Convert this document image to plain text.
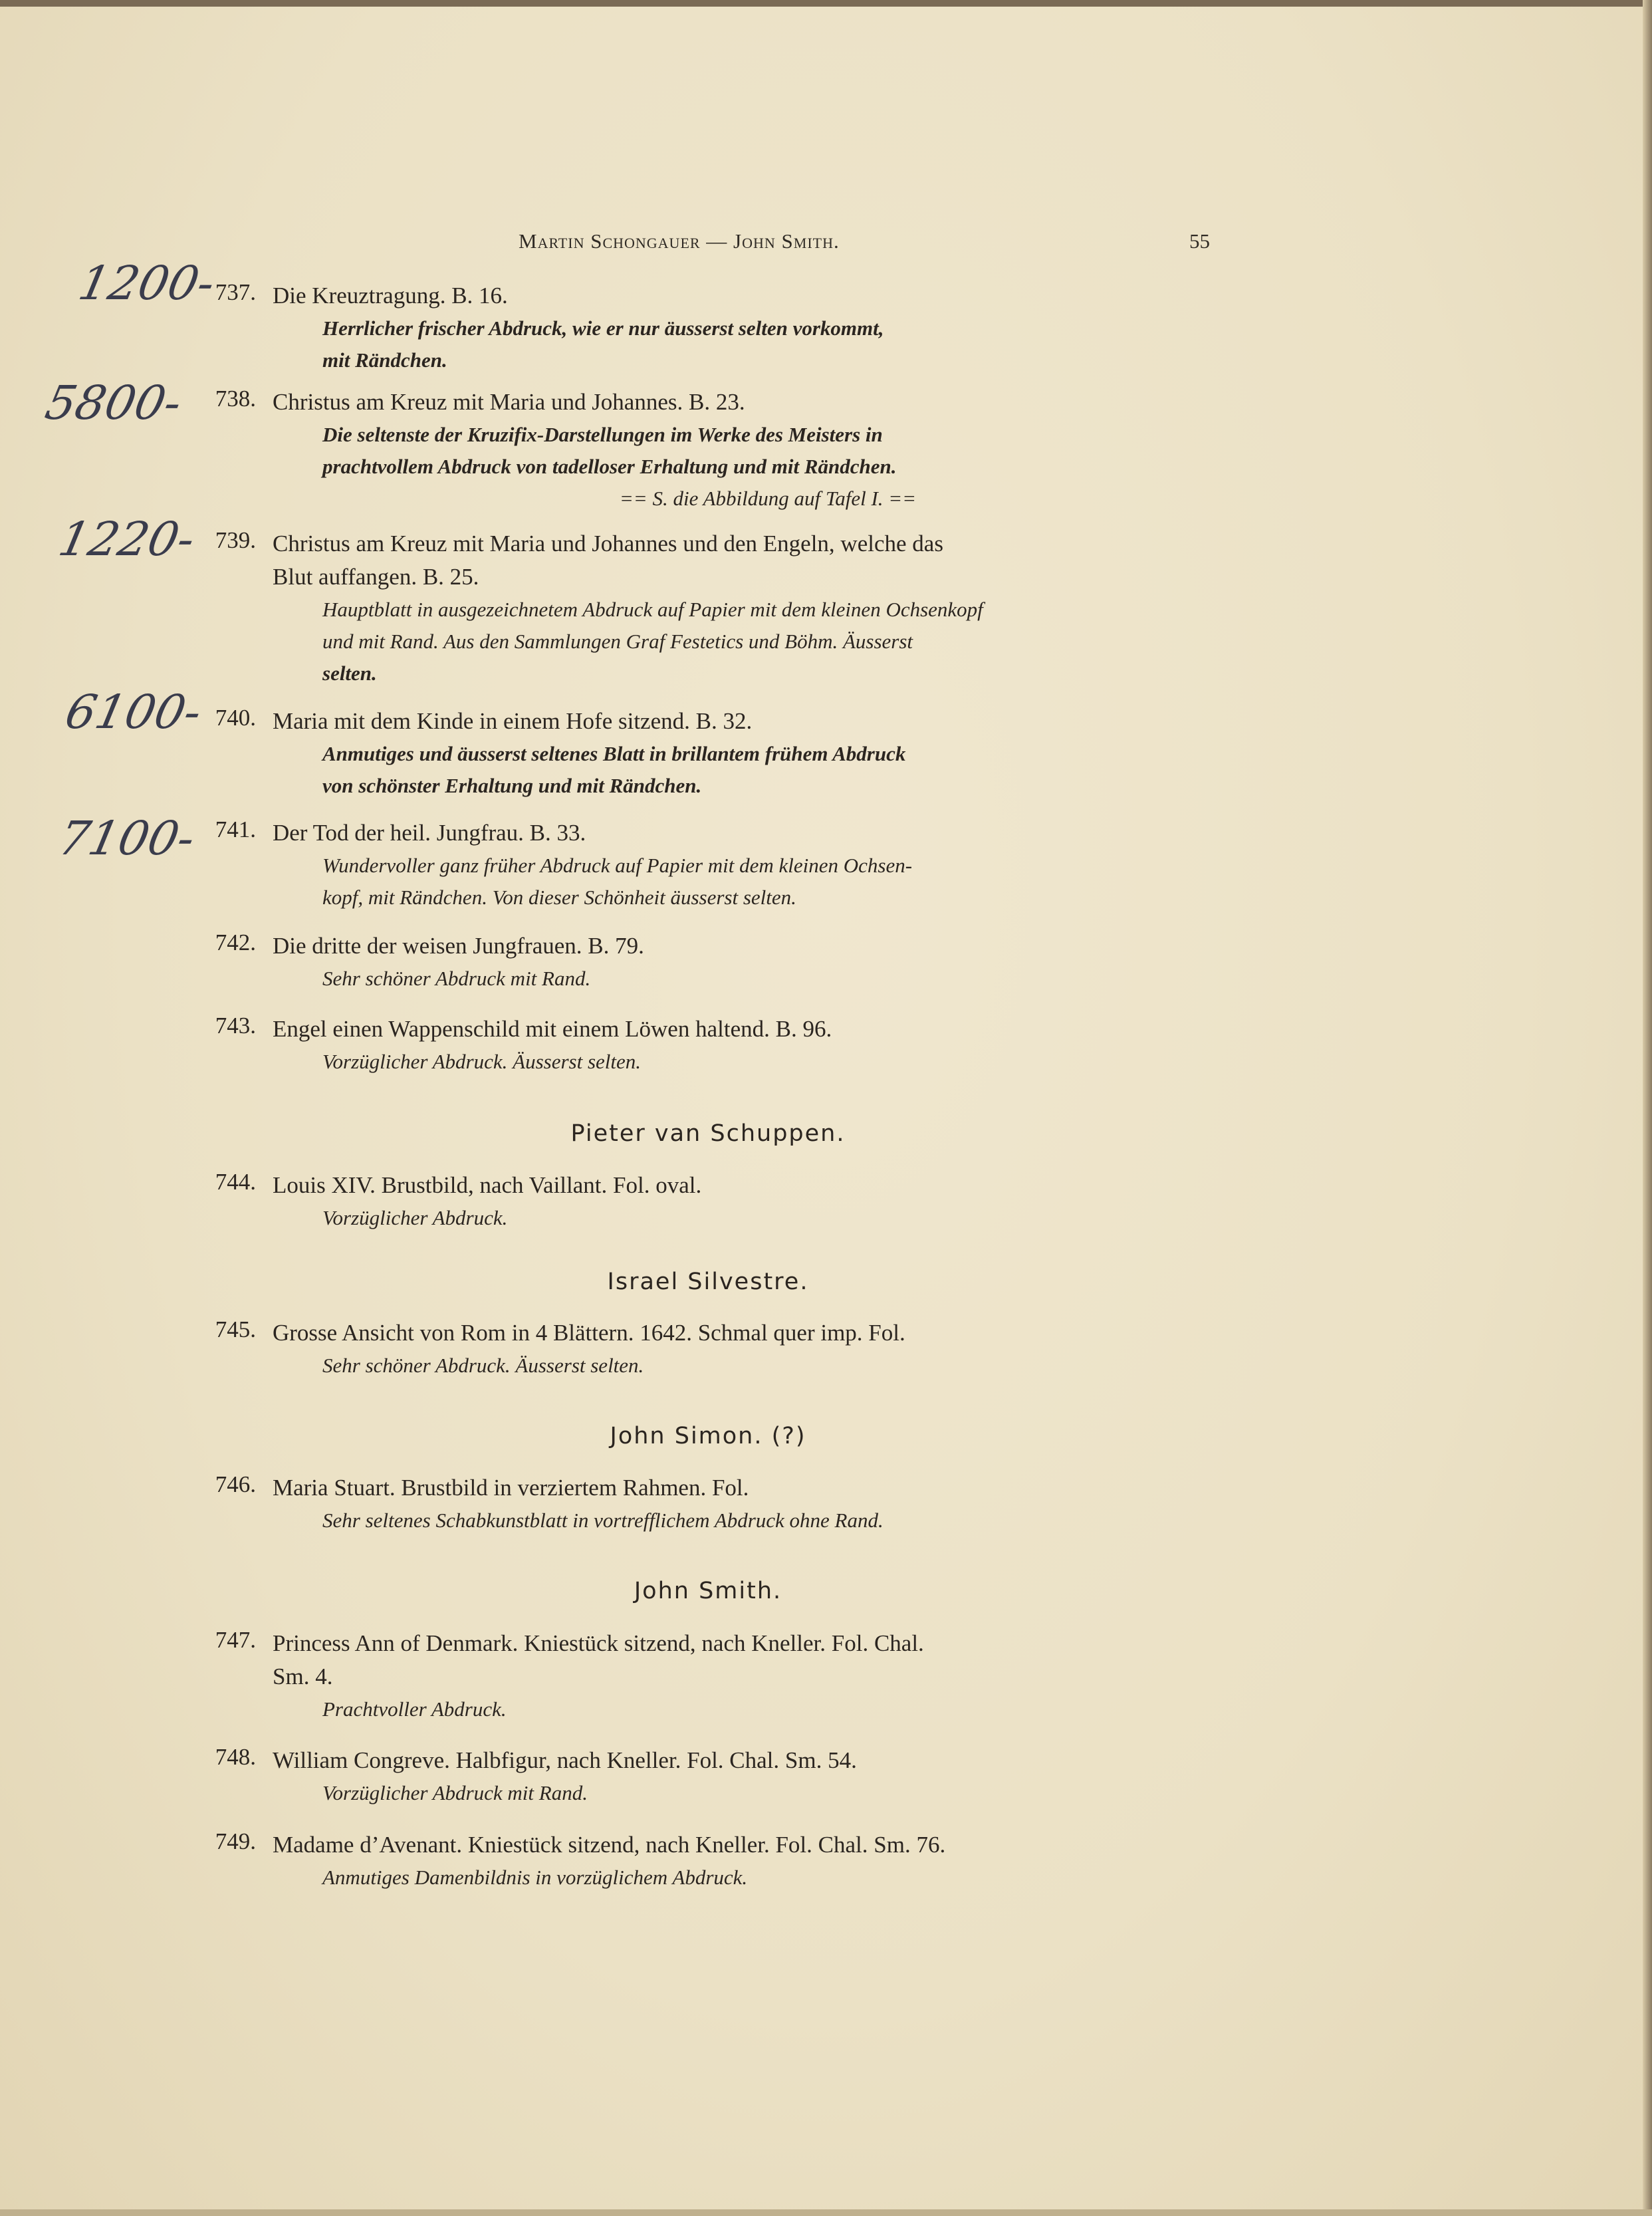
Martin Schongauer — John Smith.	55
1200-
5800-
1220-
6100-
7100-
737. Die Kreuztragung. B. 16.
Herrlicher frischer Abdruck, wie er nur äusserst selten vorkommt,
mit Rändchen.
738. Christus am Kreuz mit Maria und Johannes. B. 23.
Die seltenste der Kruzifix-Darstellungen im Werke des Meisters in
prachtvollem Abdruck von tadelloser Erhaltung und mit Rändchen.
== S. die Abbildung auf Tafel I. ==
739. Christus am Kreuz mit Maria und Johannes und den Engeln, welche das
Blut auffangen. B. 25.
Hauptblatt in ausgezeichnetem Abdruck auf Papier mit dem kleinen Ochsenkopf
und mit Rand. Aus den Sammlungen Graf Festetics und Böhm. Äusserst
selten.
740. Maria mit dem Kinde in einem Hofe sitzend. B. 32.
Anmutiges und äusserst seltenes Blatt in brillantem frühem Abdruck
von schönster Erhaltung und mit Rändchen.
741. Der Tod der heil. Jungfrau. B. 33.
Wundervoller ganz früher Abdruck auf Papier mit dem kleinen Ochsen-
kopf, mit Rändchen. Von dieser Schönheit äusserst selten.
742. Die dritte der weisen Jungfrauen. B. 79.
Sehr schöner Abdruck mit Rand.
743. Engel einen Wappenschild mit einem Löwen haltend. B. 96.
Vorzüglicher Abdruck. Äusserst selten.
Pieter van Schuppen.
744. Louis XIV. Brustbild, nach Vaillant. Fol. oval.
Vorzüglicher Abdruck.
Israel Silvestre.
745. Grosse Ansicht von Rom in 4 Blättern. 1642. Schmal quer imp. Fol.
Sehr schöner Abdruck. Äusserst selten.
John Simon. (?)
746. Maria Stuart. Brustbild in verziertem Rahmen. Fol.
Sehr seltenes Schabkunstblatt in vortrefflichem Abdruck ohne Rand.
John Smith.
747. Princess Ann of Denmark. Kniestück sitzend, nach Kneller. Fol. Chal.
Sm. 4.
Prachtvoller Abdruck.
748. William Congreve. Halbfigur, nach Kneller. Fol. Chal. Sm. 54.
Vorzüglicher Abdruck mit Rand.
749. Madame d’Avenant. Kniestück sitzend, nach Kneller. Fol. Chal. Sm. 76.
Anmutiges Damenbildnis in vorzüglichem Abdruck.
